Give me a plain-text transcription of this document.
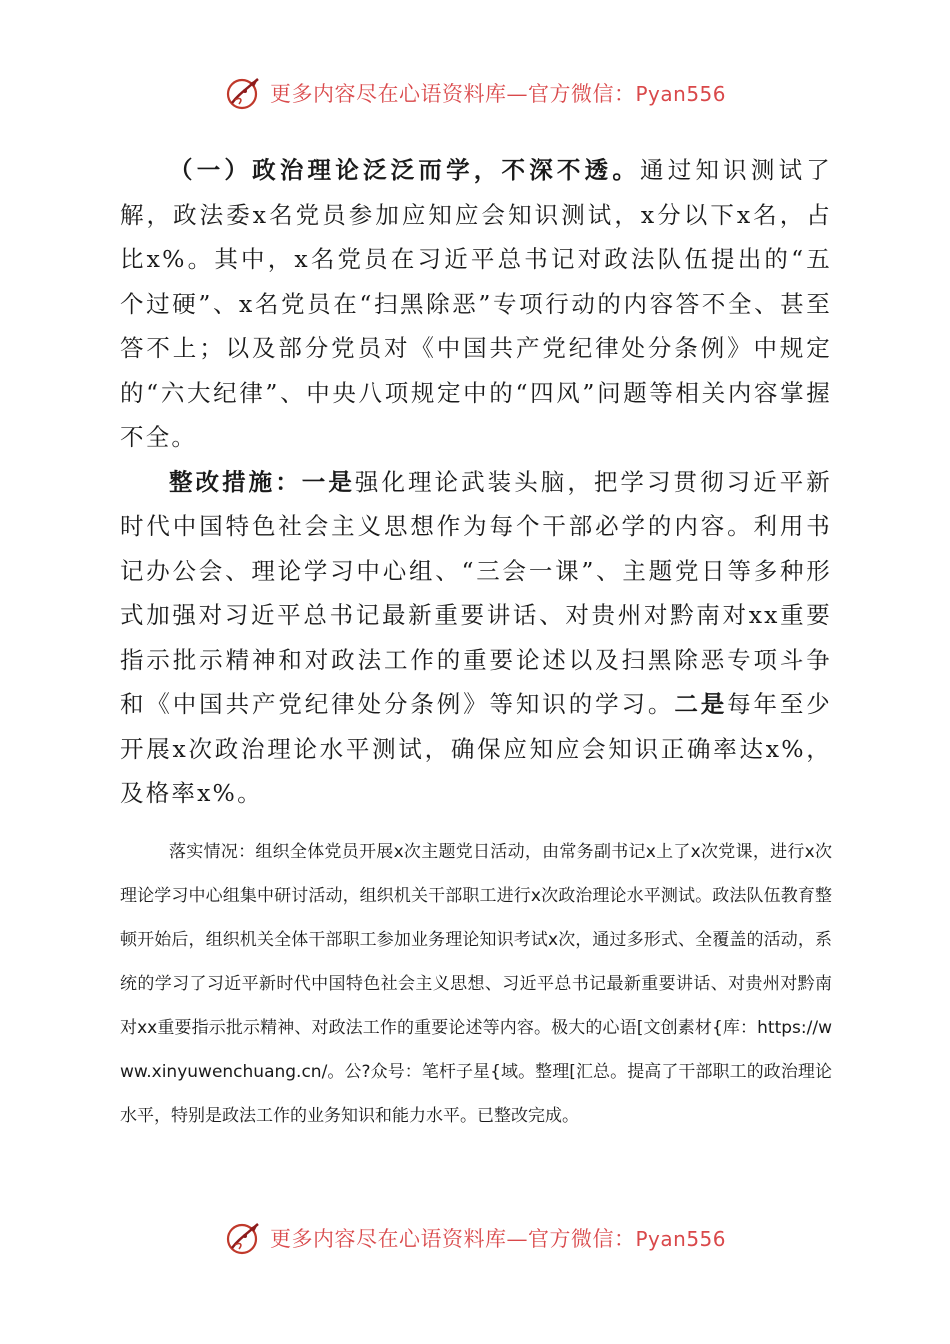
更多内容尽在心语资料库—官方微信：Pyan556

（一）政治理论泛泛而学，不深不透。通过知识测试了解，政法委x名党员参加应知应会知识测试，x分以下x名，占比x%。其中，x名党员在习近平总书记对政法队伍提出的“五个过硬”、x名党员在“扫黑除恶”专项行动的内容答不全、甚至答不上；以及部分党员对《中国共产党纪律处分条例》中规定的“六大纪律”、中央八项规定中的“四风”问题等相关内容掌握不全。

整改措施：一是强化理论武装头脑，把学习贯彻习近平新时代中国特色社会主义思想作为每个干部必学的内容。利用书记办公会、理论学习中心组、“三会一课”、主题党日等多种形式加强对习近平总书记最新重要讲话、对贵州对黔南对xx重要指示批示精神和对政法工作的重要论述以及扫黑除恶专项斗争和《中国共产党纪律处分条例》等知识的学习。二是每年至少开展x次政治理论水平测试，确保应知应会知识正确率达x%，及格率x%。

落实情况：组织全体党员开展x次主题党日活动，由常务副书记x上了x次党课，进行x次理论学习中心组集中研讨活动，组织机关干部职工进行x次政治理论水平测试。政法队伍教育整顿开始后，组织机关全体干部职工参加业务理论知识考试x次，通过多形式、全覆盖的活动，系统的学习了习近平新时代中国特色社会主义思想、习近平总书记最新重要讲话、对贵州对黔南对xx重要指示批示精神、对政法工作的重要论述等内容。极大的心语[文创素材{库：https://www.xinyuwenchuang.cn/。公?众号：笔杆子星{域。整理[汇总。提高了干部职工的政治理论水平，特别是政法工作的业务知识和能力水平。已整改完成。

更多内容尽在心语资料库—官方微信：Pyan556
